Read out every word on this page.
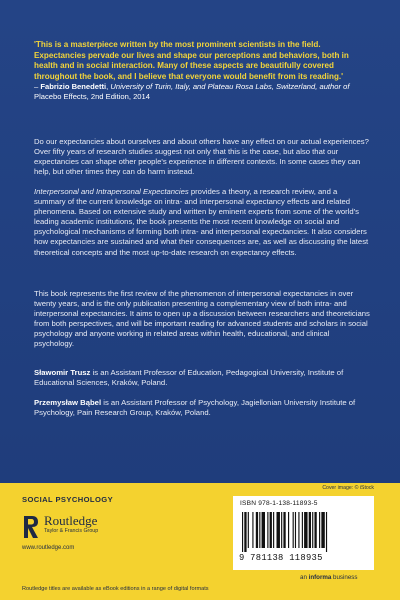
'This is a masterpiece written by the most prominent scientists in the field. Expectancies pervade our lives and shape our perceptions and behaviors, both in health and in social interaction. Many of these aspects are beautifully covered throughout the book, and I believe that everyone would benefit from its reading.'
– Fabrizio Benedetti, University of Turin, Italy, and Plateau Rosa Labs, Switzerland, author of Placebo Effects, 2nd Edition, 2014
Do our expectancies about ourselves and about others have any effect on our actual experiences? Over fifty years of research studies suggest not only that this is the case, but also that our expectancies can shape other people's experience in different contexts. In some cases they can help, but other times they can do harm instead.
Interpersonal and Intrapersonal Expectancies provides a theory, a research review, and a summary of the current knowledge on intra- and interpersonal expectancy effects and related phenomena. Based on extensive study and written by eminent experts from some of the world's leading academic institutions, the book presents the most recent knowledge on social and psychological mechanisms of forming both intra- and interpersonal expectancies. It also considers how expectancies are sustained and what their consequences are, as well as discussing the latest theoretical concepts and the most up-to-date research on expectancy effects.
This book represents the first review of the phenomenon of interpersonal expectancies in over twenty years, and is the only publication presenting a complementary view of both intra- and interpersonal expectancies. It aims to open up a discussion between researchers and theoreticians from both perspectives, and will be important reading for advanced students and scholars in social psychology and anyone working in related areas within health, educational, and clinical psychology.
Sławomir Trusz is an Assistant Professor of Education, Pedagogical University, Institute of Educational Sciences, Kraków, Poland.
Przemysław Bąbel is an Assistant Professor of Psychology, Jagiellonian University Institute of Psychology, Pain Research Group, Kraków, Poland.
SOCIAL PSYCHOLOGY
Cover image: © iStock
Routledge
Taylor & Francis Group
www.routledge.com
ISBN 978-1-138-11893-5
9 781138 118935
an informa business
Routledge titles are available as eBook editions in a range of digital formats
